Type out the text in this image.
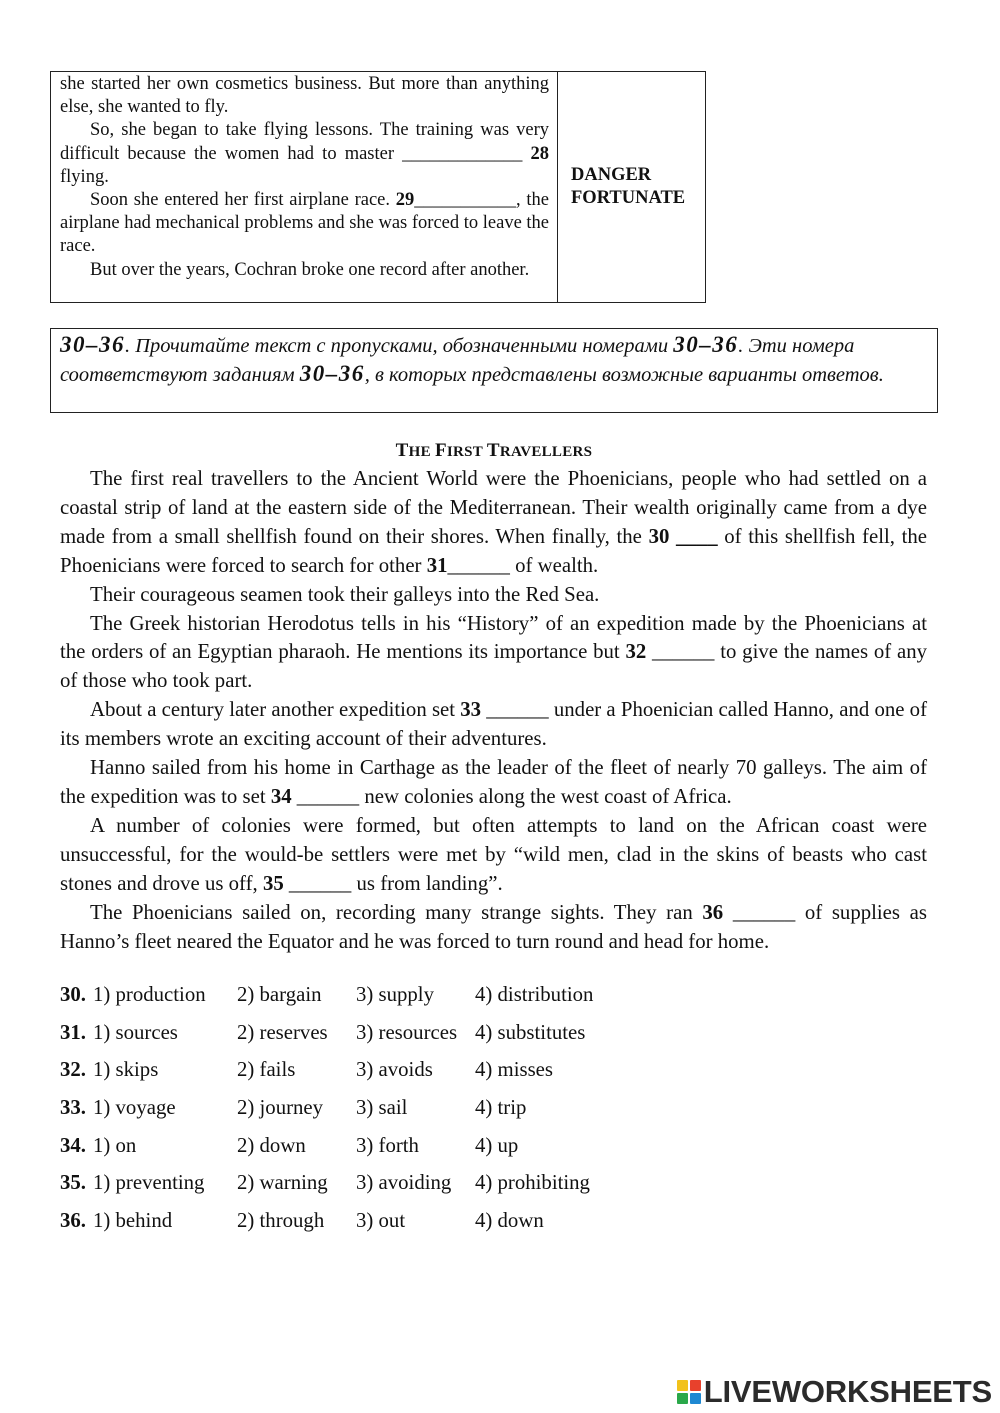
she started her own cosmetics business. But more than anything else, she wanted to fly.

So, she began to take flying lessons. The training was very difficult because the women had to master _____________ 28 flying.

Soon she entered her first airplane race. 29___________, the airplane had mechanical problems and she was forced to leave the race.

But over the years, Cochran broke one record after another.

DANGER
FORTUNATE
30–36. Прочитайте текст с пропусками, обозначенными номерами 30–36. Эти номера соответствуют заданиям 30–36, в которых представлены возможные варианты ответов.
THE FIRST TRAVELLERS

The first real travellers to the Ancient World were the Phoenicians, people who had settled on a coastal strip of land at the eastern side of the Mediterranean. Their wealth originally came from a dye made from a small shellfish found on their shores. When finally, the 30 ____ of this shellfish fell, the Phoenicians were forced to search for other 31______ of wealth.

Their courageous seamen took their galleys into the Red Sea.

The Greek historian Herodotus tells in his “History” of an expedition made by the Phoenicians at the orders of an Egyptian pharaoh. He mentions its importance but 32 ______ to give the names of any of those who took part.

About a century later another expedition set 33 ______ under a Phoenician called Hanno, and one of its members wrote an exciting account of their adventures.

Hanno sailed from his home in Carthage as the leader of the fleet of nearly 70 galleys. The aim of the expedition was to set 34 ______ new colonies along the west coast of Africa.

A number of colonies were formed, but often attempts to land on the African coast were unsuccessful, for the would-be settlers were met by “wild men, clad in the skins of beasts who cast stones and drove us off, 35 ______ us from landing”.

The Phoenicians sailed on, recording many strange sights. They ran 36 ______ of supplies as Hanno’s fleet neared the Equator and he was forced to turn round and head for home.

30. 1) production 2) bargain 3) supply 4) distribution
31. 1) sources	2) reserves 3) resources 4) substitutes
32. 1) skips	2) fails	3) avoids 4) misses
33. 1) voyage	2) journey 3) sail	4) trip
34. 1) on	2) down 3) forth	4) up
35. 1) preventing 2) warning 3) avoiding 4) prohibiting
36. 1) behind	2) through 3) out	4) down
LIVEWORKSHEETS
